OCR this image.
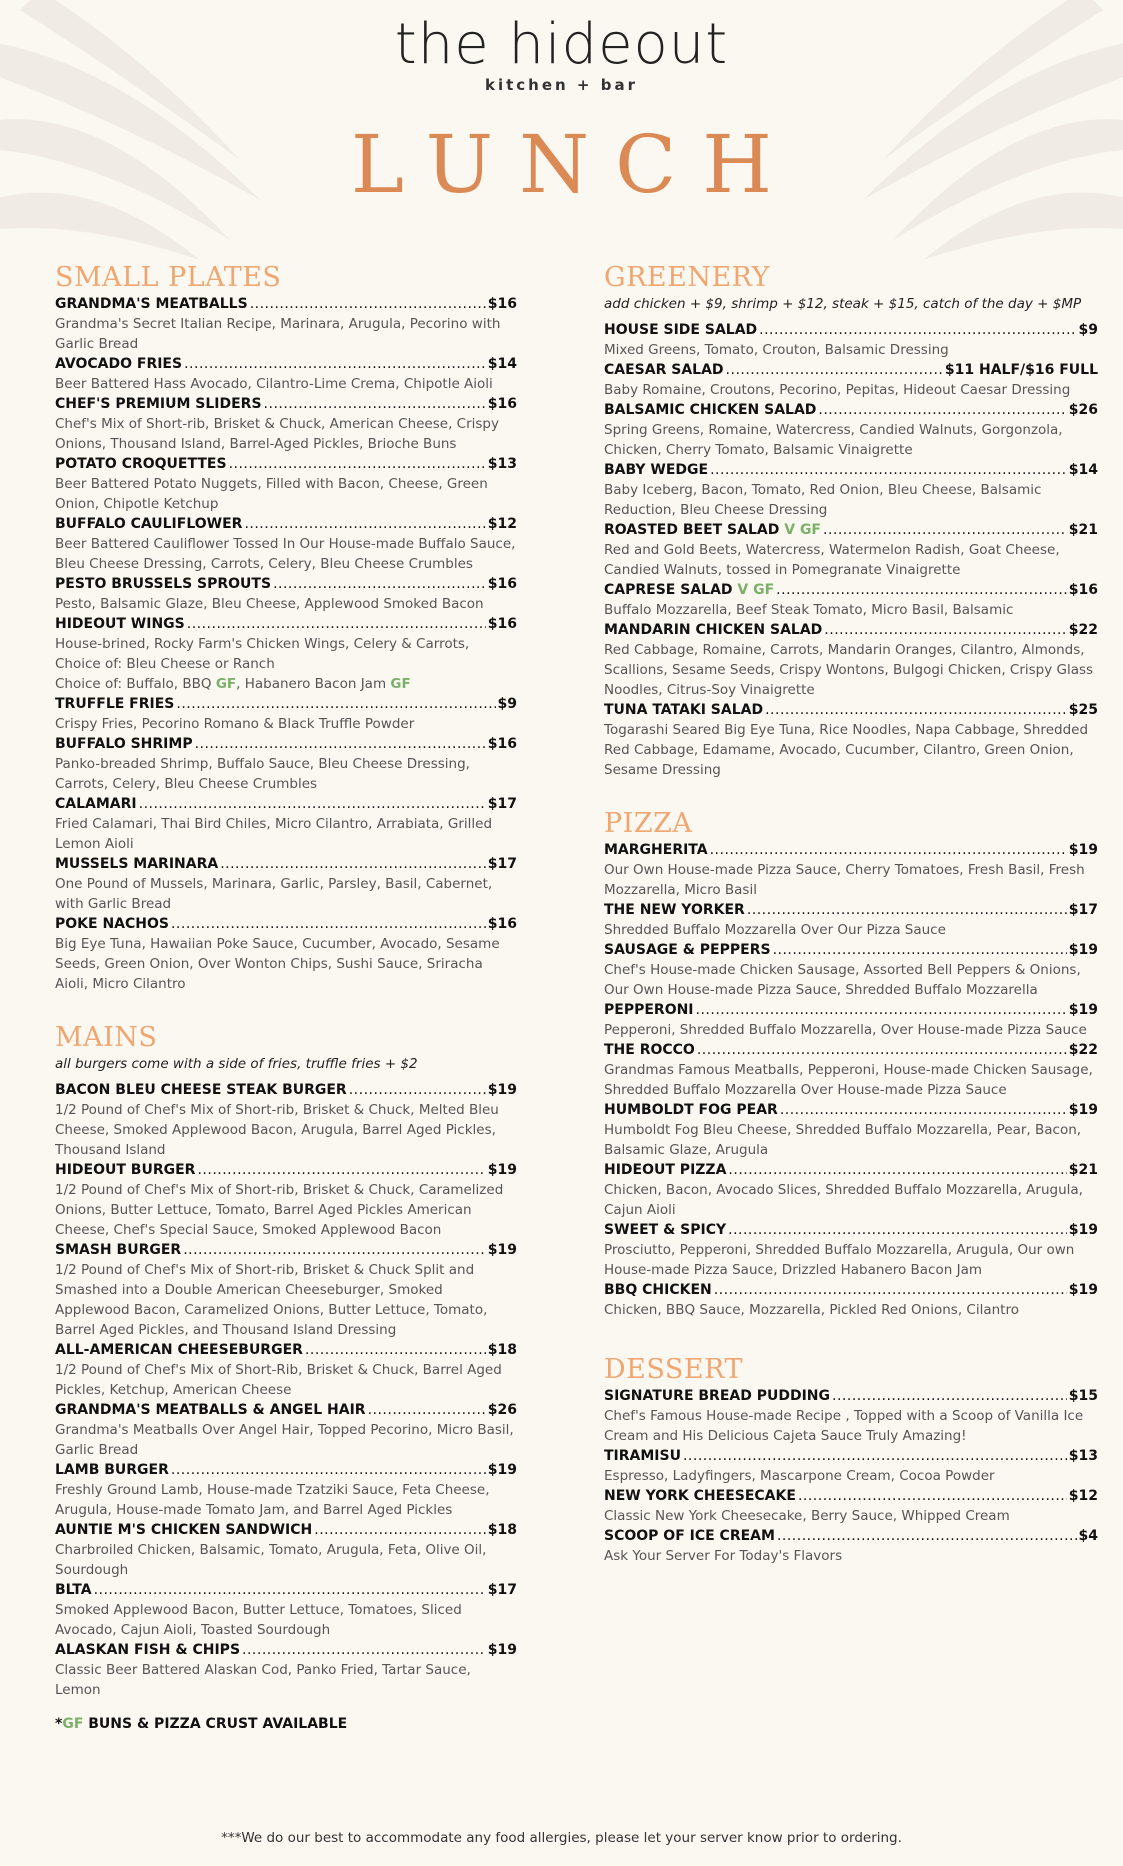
the hideout
kitchen + bar
LUNCH
SMALL PLATES
GRANDMA'S MEATBALLS .....	$16
Grandma's Secret Italian Recipe, Marinara, Arugula, Pecorino with Garlic Bread
AVOCADO FRIES .....	$14
Beer Battered Hass Avocado, Cilantro-Lime Crema, Chipotle Aioli
CHEF'S PREMIUM SLIDERS .....	$16
Chef's Mix of Short-rib, Brisket & Chuck, American Cheese, Crispy Onions, Thousand Island, Barrel-Aged Pickles, Brioche Buns
POTATO CROQUETTES .....	$13
Beer Battered Potato Nuggets, Filled with Bacon, Cheese, Green Onion, Chipotle Ketchup
BUFFALO CAULIFLOWER .....	$12
Beer Battered Cauliflower Tossed In Our House-made Buffalo Sauce, Bleu Cheese Dressing, Carrots, Celery, Bleu Cheese Crumbles
PESTO BRUSSELS SPROUTS .....	$16
Pesto, Balsamic Glaze, Bleu Cheese, Applewood Smoked Bacon
HIDEOUT WINGS .....	$16
House-brined, Rocky Farm's Chicken Wings, Celery & Carrots, Choice of: Bleu Cheese or Ranch
Choice of: Buffalo, BBQ GF, Habanero Bacon Jam GF
TRUFFLE FRIES .....	$9
Crispy Fries, Pecorino Romano & Black Truffle Powder
BUFFALO SHRIMP .....	$16
Panko-breaded Shrimp, Buffalo Sauce, Bleu Cheese Dressing, Carrots, Celery, Bleu Cheese Crumbles
CALAMARI .....	$17
Fried Calamari, Thai Bird Chiles, Micro Cilantro, Arrabiata, Grilled Lemon Aioli
MUSSELS MARINARA .....	$17
One Pound of Mussels, Marinara, Garlic, Parsley, Basil, Cabernet, with Garlic Bread
POKE NACHOS .....	$16
Big Eye Tuna, Hawaiian Poke Sauce, Cucumber, Avocado, Sesame Seeds, Green Onion, Over Wonton Chips, Sushi Sauce, Sriracha Aioli, Micro Cilantro
MAINS
all burgers come with a side of fries, truffle fries + $2
BACON BLEU CHEESE STEAK BURGER .....	$19
1/2 Pound of Chef's Mix of Short-rib, Brisket & Chuck, Melted Bleu Cheese, Smoked Applewood Bacon, Arugula, Barrel Aged Pickles, Thousand Island
HIDEOUT BURGER .....	$19
1/2 Pound of Chef's Mix of Short-rib, Brisket & Chuck, Caramelized Onions, Butter Lettuce, Tomato, Barrel Aged Pickles American Cheese, Chef's Special Sauce, Smoked Applewood Bacon
SMASH BURGER .....	$19
1/2 Pound of Chef's Mix of Short-rib, Brisket & Chuck Split and Smashed into a Double American Cheeseburger, Smoked Applewood Bacon, Caramelized Onions, Butter Lettuce, Tomato, Barrel Aged Pickles, and Thousand Island Dressing
ALL-AMERICAN CHEESEBURGER .....	$18
1/2 Pound of Chef's Mix of Short-Rib, Brisket & Chuck, Barrel Aged Pickles, Ketchup, American Cheese
GRANDMA'S MEATBALLS & ANGEL HAIR .....	$26
Grandma's Meatballs Over Angel Hair, Topped Pecorino, Micro Basil, Garlic Bread
LAMB BURGER .....	$19
Freshly Ground Lamb, House-made Tzatziki Sauce, Feta Cheese, Arugula, House-made Tomato Jam, and Barrel Aged Pickles
AUNTIE M'S CHICKEN SANDWICH .....	$18
Charbroiled Chicken, Balsamic, Tomato, Arugula, Feta, Olive Oil, Sourdough
BLTA .....	$17
Smoked Applewood Bacon, Butter Lettuce, Tomatoes, Sliced Avocado, Cajun Aioli, Toasted Sourdough
ALASKAN FISH & CHIPS .....	$19
Classic Beer Battered Alaskan Cod, Panko Fried, Tartar Sauce, Lemon
*GF BUNS & PIZZA CRUST AVAILABLE
GREENERY
add chicken + $9, shrimp + $12, steak + $15, catch of the day + $MP
HOUSE SIDE SALAD .....	$9
Mixed Greens, Tomato, Crouton, Balsamic Dressing
CAESAR SALAD .....	$11 HALF/$16 FULL
Baby Romaine, Croutons, Pecorino, Pepitas, Hideout Caesar Dressing
BALSAMIC CHICKEN SALAD .....	$26
Spring Greens, Romaine, Watercress, Candied Walnuts, Gorgonzola, Chicken, Cherry Tomato, Balsamic Vinaigrette
BABY WEDGE .....	$14
Baby Iceberg, Bacon, Tomato, Red Onion, Bleu Cheese, Balsamic Reduction, Bleu Cheese Dressing
ROASTED BEET SALAD V GF .....	$21
Red and Gold Beets, Watercress, Watermelon Radish, Goat Cheese, Candied Walnuts, tossed in Pomegranate Vinaigrette
CAPRESE SALAD V GF .....	$16
Buffalo Mozzarella, Beef Steak Tomato, Micro Basil, Balsamic
MANDARIN CHICKEN SALAD .....	$22
Red Cabbage, Romaine, Carrots, Mandarin Oranges, Cilantro, Almonds, Scallions, Sesame Seeds, Crispy Wontons, Bulgogi Chicken, Crispy Glass Noodles, Citrus-Soy Vinaigrette
TUNA TATAKI SALAD .....	$25
Togarashi Seared Big Eye Tuna, Rice Noodles, Napa Cabbage, Shredded Red Cabbage, Edamame, Avocado, Cucumber, Cilantro, Green Onion, Sesame Dressing
PIZZA
MARGHERITA .....	$19
Our Own House-made Pizza Sauce, Cherry Tomatoes, Fresh Basil, Fresh Mozzarella, Micro Basil
THE NEW YORKER .....	$17
Shredded Buffalo Mozzarella Over Our Pizza Sauce
SAUSAGE & PEPPERS .....	$19
Chef's House-made Chicken Sausage, Assorted Bell Peppers & Onions, Our Own House-made Pizza Sauce, Shredded Buffalo Mozzarella
PEPPERONI .....	$19
Pepperoni, Shredded Buffalo Mozzarella, Over House-made Pizza Sauce
THE ROCCO .....	$22
Grandmas Famous Meatballs, Pepperoni, House-made Chicken Sausage, Shredded Buffalo Mozzarella Over House-made Pizza Sauce
HUMBOLDT FOG PEAR .....	$19
Humboldt Fog Bleu Cheese, Shredded Buffalo Mozzarella, Pear, Bacon, Balsamic Glaze, Arugula
HIDEOUT PIZZA .....	$21
Chicken, Bacon, Avocado Slices, Shredded Buffalo Mozzarella, Arugula, Cajun Aioli
SWEET & SPICY .....	$19
Prosciutto, Pepperoni, Shredded Buffalo Mozzarella, Arugula, Our own House-made Pizza Sauce, Drizzled Habanero Bacon Jam
BBQ CHICKEN .....	$19
Chicken, BBQ Sauce, Mozzarella, Pickled Red Onions, Cilantro
DESSERT
SIGNATURE BREAD PUDDING .....	$15
Chef's Famous House-made Recipe , Topped with a Scoop of Vanilla Ice Cream and His Delicious Cajeta Sauce Truly Amazing!
TIRAMISU .....	$13
Espresso, Ladyfingers, Mascarpone Cream, Cocoa Powder
NEW YORK CHEESECAKE .....	$12
Classic New York Cheesecake, Berry Sauce, Whipped Cream
SCOOP OF ICE CREAM .....	$4
Ask Your Server For Today's Flavors
***We do our best to accommodate any food allergies, please let your server know prior to ordering.
